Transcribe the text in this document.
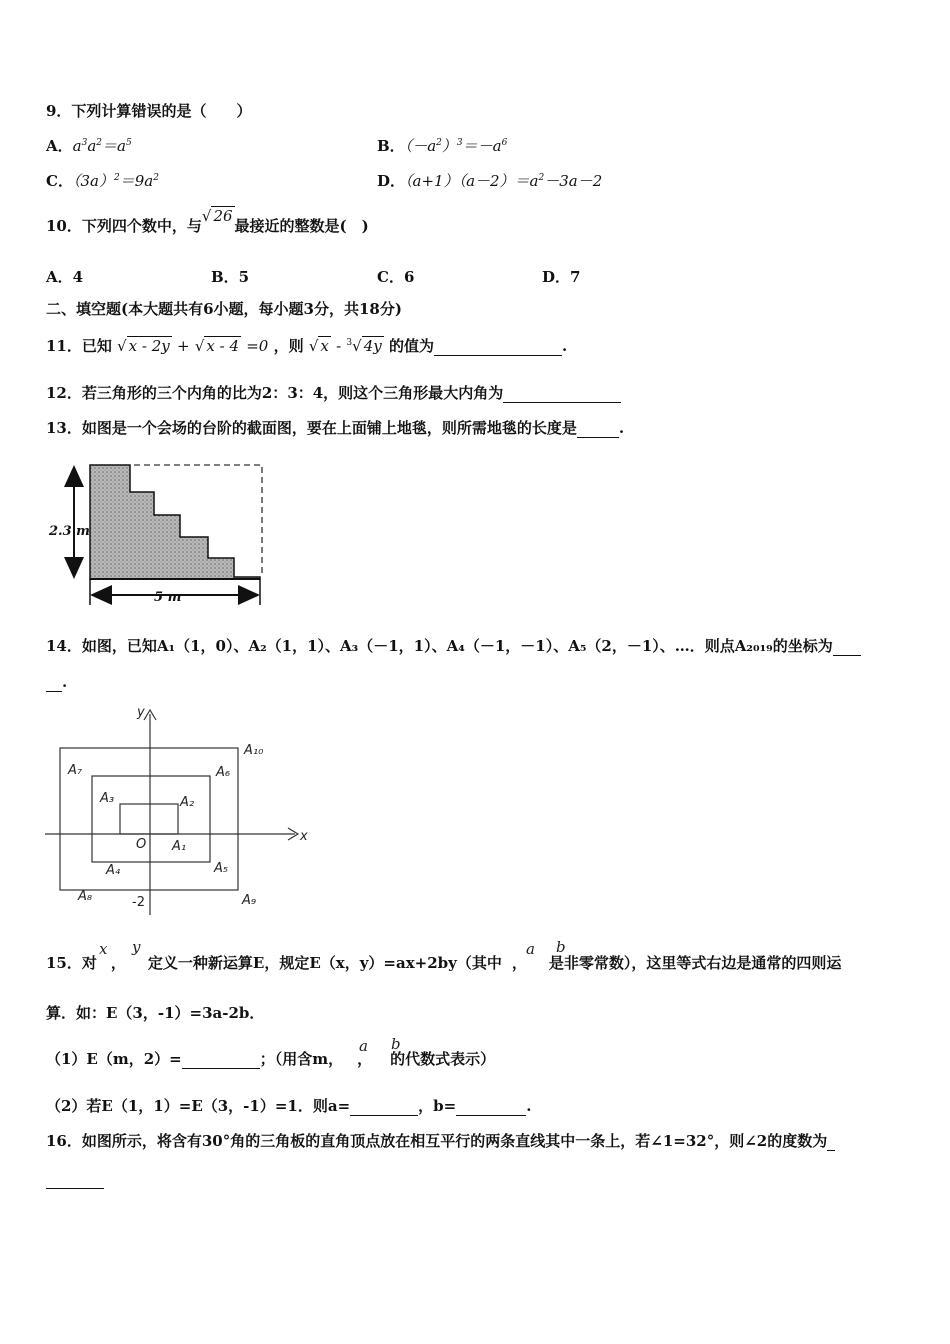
9．下列计算错误的是（　　）
A．$a^3a^2=a^5$	B．$(-a^2)^3=-a^6$
C．$(3a)^2=9a^2$	D．$(a+1)(a-2)=a^2-3a-2$
10．下列四个数中，与√ 26最接近的整数是(　)
A．4	B．5	C．6	D．7
二、填空题(本大题共有6小题，每小题3分，共18分)
11．已知 √ x - 2y + √ x - 4 =0 ，则 √ x - $^3$√ 4y 的值为	.
12．若三角形的三个内角的比为2：3：4，则这个三角形最大内角为
13．如图是一个会场的台阶的截面图，要在上面铺上地毯，则所需地毯的长度是	.
2.3 m
5 m
14．如图，已知A₁（1，0）、A₂（1，1）、A₃（－1，1）、A₄（－1，－1）、A₅（2，－1）、…．则点A₂₀₁₉的坐标为
.
y
x
O
-2
A₁
A₂
A₃
A₄	A₅
A₆
A₇
A₈	A₉
A₁₀
x y	a b
15．对 ， 定义一种新运算E，规定E（x，y）=ax+2by（其中 ， 是非零常数），这里等式右边是通常的四则运
算．如：E（3，-1）=3a-2b．
a b
（1）E（m，2）=	；（用含m， ， 的代数式表示）
（2）若E（1，1）=E（3，-1）=1．则a=	，b=	.
16．如图所示，将含有30°角的三角板的直角顶点放在相互平行的两条直线其中一条上，若∠1=32°，则∠2的度数为
